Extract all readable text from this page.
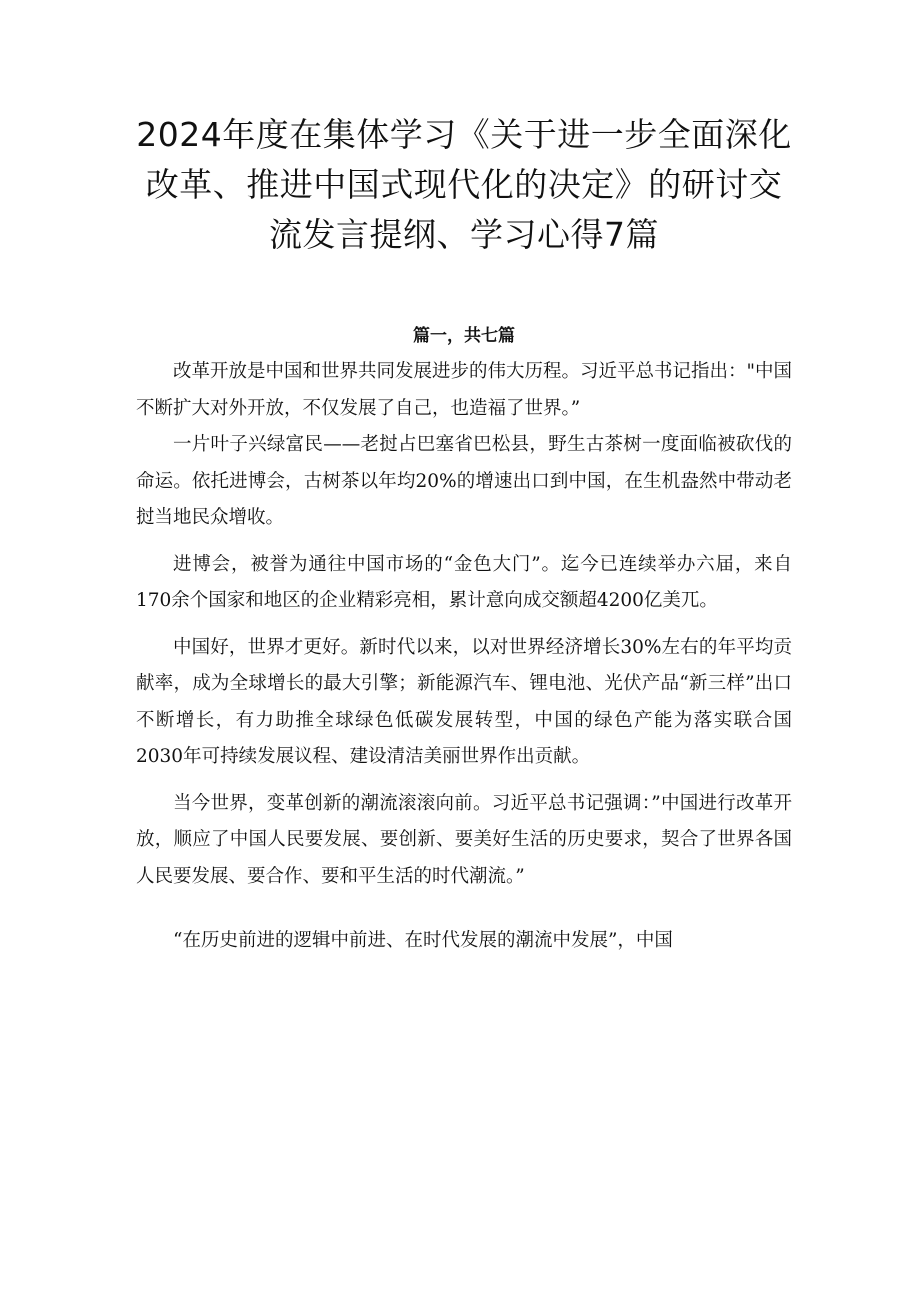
2024年度在集体学习《关于进一步全面深化
改革、推进中国式现代化的决定》的研讨交
流发言提纲、学习心得7篇
篇一，共七篇

改革开放是中国和世界共同发展进步的伟大历程。习近平总书记指出："中国不断扩大对外开放，不仅发展了自己，也造福了世界。”

一片叶子兴绿富民——老挝占巴塞省巴松县，野生古茶树一度面临被砍伐的命运。依托进博会，古树茶以年均20%的增速出口到中国，在生机盎然中带动老挝当地民众增收。

进博会，被誉为通往中国市场的“金色大门”。迄今已连续举办六届，来自170余个国家和地区的企业精彩亮相，累计意向成交额超4200亿美兀。

中国好，世界才更好。新时代以来，以对世界经济增长30%左右的年平均贡献率，成为全球增长的最大引擎；新能源汽车、锂电池、光伏产品“新三样”出口不断增长，有力助推全球绿色低碳发展转型，中国的绿色产能为落实联合国2030年可持续发展议程、建设清洁美丽世界作出贡献。

当今世界，变革创新的潮流滚滚向前。习近平总书记强调：”中国进行改革开放，顺应了中国人民要发展、要创新、要美好生活的历史要求，契合了世界各国人民要发展、要合作、要和平生活的时代潮流。”

“在历史前进的逻辑中前进、在时代发展的潮流中发展”，中国
